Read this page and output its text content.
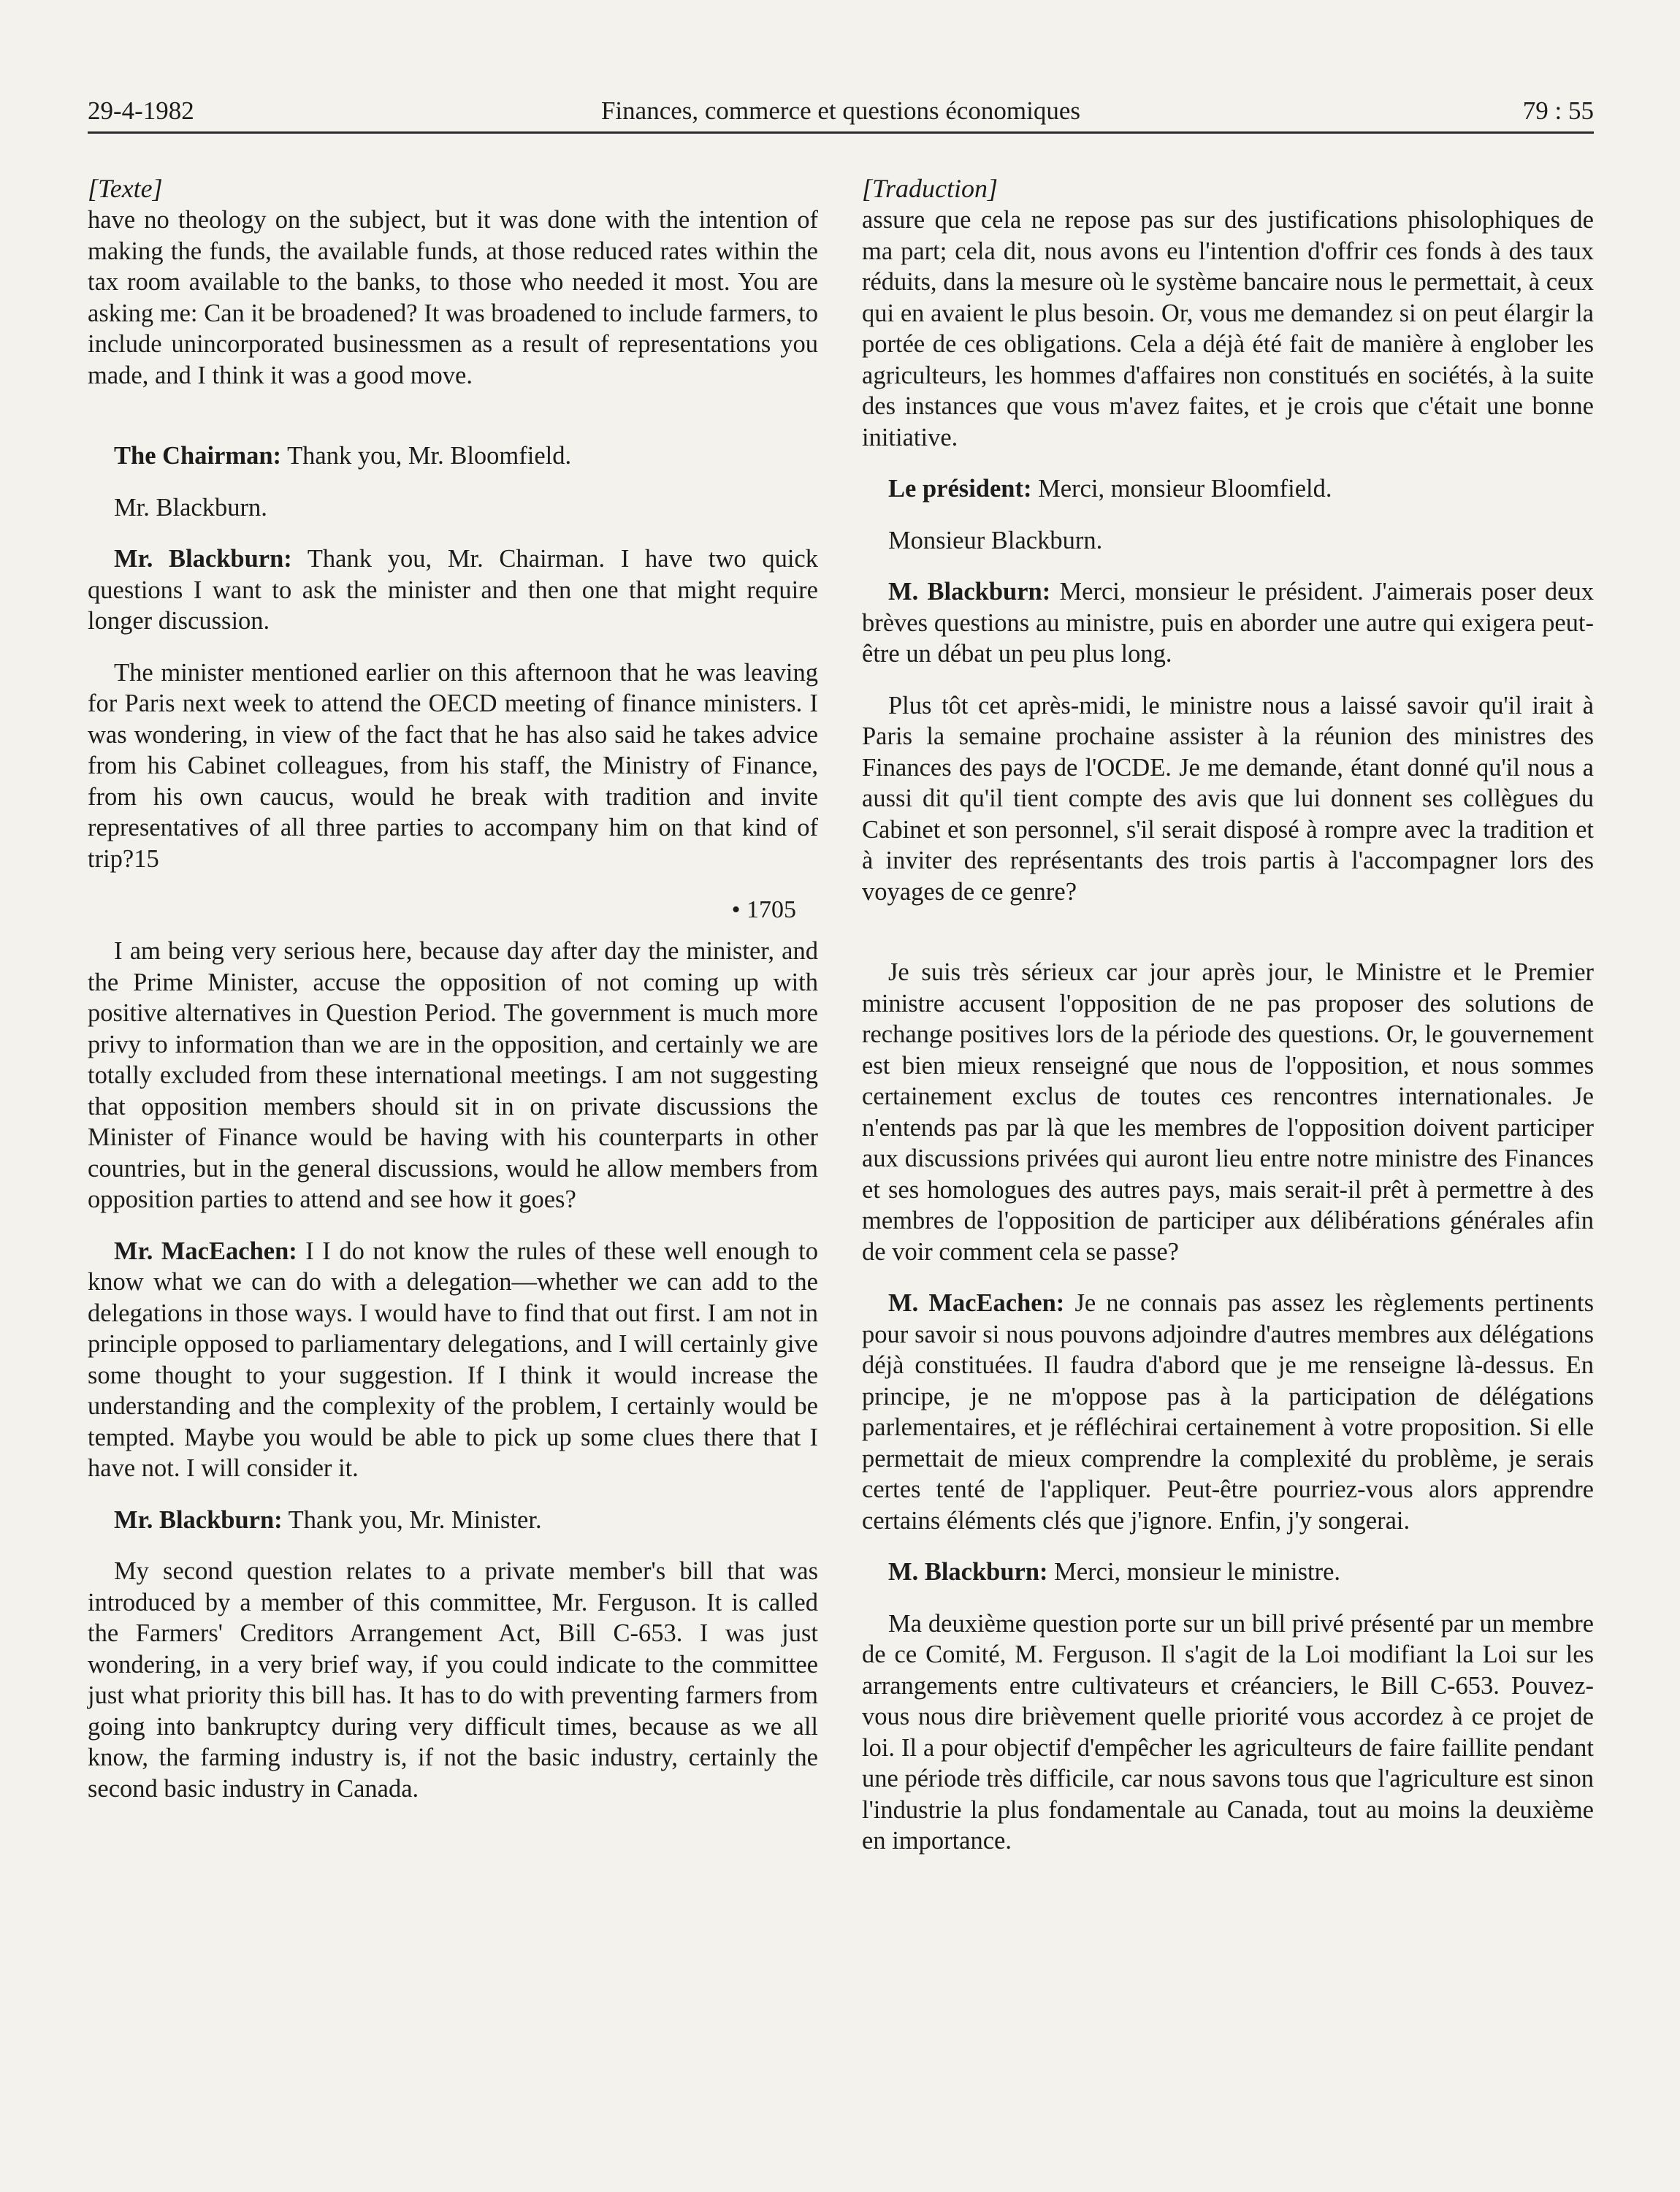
29-4-1982	Finances, commerce et questions économiques	79 : 55
[Texte]

have no theology on the subject, but it was done with the intention of making the funds, the available funds, at those reduced rates within the tax room available to the banks, to those who needed it most. You are asking me: Can it be broadened? It was broadened to include farmers, to include unincorporated businessmen as a result of representations you made, and I think it was a good move.

The Chairman: Thank you, Mr. Bloomfield.

Mr. Blackburn.

Mr. Blackburn: Thank you, Mr. Chairman. I have two quick questions I want to ask the minister and then one that might require longer discussion.

The minister mentioned earlier on this afternoon that he was leaving for Paris next week to attend the OECD meeting of finance ministers. I was wondering, in view of the fact that he has also said he takes advice from his Cabinet colleagues, from his staff, the Ministry of Finance, from his own caucus, would he break with tradition and invite representatives of all three parties to accompany him on that kind of trip?15

• 1705

I am being very serious here, because day after day the minister, and the Prime Minister, accuse the opposition of not coming up with positive alternatives in Question Period. The government is much more privy to information than we are in the opposition, and certainly we are totally excluded from these international meetings. I am not suggesting that opposition members should sit in on private discussions the Minister of Finance would be having with his counterparts in other countries, but in the general discussions, would he allow members from opposition parties to attend and see how it goes?

Mr. MacEachen: I I do not know the rules of these well enough to know what we can do with a delegation—whether we can add to the delegations in those ways. I would have to find that out first. I am not in principle opposed to parliamentary delegations, and I will certainly give some thought to your suggestion. If I think it would increase the understanding and the complexity of the problem, I certainly would be tempted. Maybe you would be able to pick up some clues there that I have not. I will consider it.

Mr. Blackburn: Thank you, Mr. Minister.

My second question relates to a private member's bill that was introduced by a member of this committee, Mr. Ferguson. It is called the Farmers' Creditors Arrangement Act, Bill C-653. I was just wondering, in a very brief way, if you could indicate to the committee just what priority this bill has. It has to do with preventing farmers from going into bankruptcy during very difficult times, because as we all know, the farming industry is, if not the basic industry, certainly the second basic industry in Canada.

[Traduction]

assure que cela ne repose pas sur des justifications phisolophiques de ma part; cela dit, nous avons eu l'intention d'offrir ces fonds à des taux réduits, dans la mesure où le système bancaire nous le permettait, à ceux qui en avaient le plus besoin. Or, vous me demandez si on peut élargir la portée de ces obligations. Cela a déjà été fait de manière à englober les agriculteurs, les hommes d'affaires non constitués en sociétés, à la suite des instances que vous m'avez faites, et je crois que c'était une bonne initiative.

Le président: Merci, monsieur Bloomfield.

Monsieur Blackburn.

M. Blackburn: Merci, monsieur le président. J'aimerais poser deux brèves questions au ministre, puis en aborder une autre qui exigera peut-être un débat un peu plus long.

Plus tôt cet après-midi, le ministre nous a laissé savoir qu'il irait à Paris la semaine prochaine assister à la réunion des ministres des Finances des pays de l'OCDE. Je me demande, étant donné qu'il nous a aussi dit qu'il tient compte des avis que lui donnent ses collègues du Cabinet et son personnel, s'il serait disposé à rompre avec la tradition et à inviter des représentants des trois partis à l'accompagner lors des voyages de ce genre?

Je suis très sérieux car jour après jour, le Ministre et le Premier ministre accusent l'opposition de ne pas proposer des solutions de rechange positives lors de la période des questions. Or, le gouvernement est bien mieux renseigné que nous de l'opposition, et nous sommes certainement exclus de toutes ces rencontres internationales. Je n'entends pas par là que les membres de l'opposition doivent participer aux discussions privées qui auront lieu entre notre ministre des Finances et ses homologues des autres pays, mais serait-il prêt à permettre à des membres de l'opposition de participer aux délibérations générales afin de voir comment cela se passe?

M. MacEachen: Je ne connais pas assez les règlements pertinents pour savoir si nous pouvons adjoindre d'autres membres aux délégations déjà constituées. Il faudra d'abord que je me renseigne là-dessus. En principe, je ne m'oppose pas à la participation de délégations parlementaires, et je réfléchirai certainement à votre proposition. Si elle permettait de mieux comprendre la complexité du problème, je serais certes tenté de l'appliquer. Peut-être pourriez-vous alors apprendre certains éléments clés que j'ignore. Enfin, j'y songerai.

M. Blackburn: Merci, monsieur le ministre.

Ma deuxième question porte sur un bill privé présenté par un membre de ce Comité, M. Ferguson. Il s'agit de la Loi modifiant la Loi sur les arrangements entre cultivateurs et créanciers, le Bill C-653. Pouvez-vous nous dire brièvement quelle priorité vous accordez à ce projet de loi. Il a pour objectif d'empêcher les agriculteurs de faire faillite pendant une période très difficile, car nous savons tous que l'agriculture est sinon l'industrie la plus fondamentale au Canada, tout au moins la deuxième en importance.
